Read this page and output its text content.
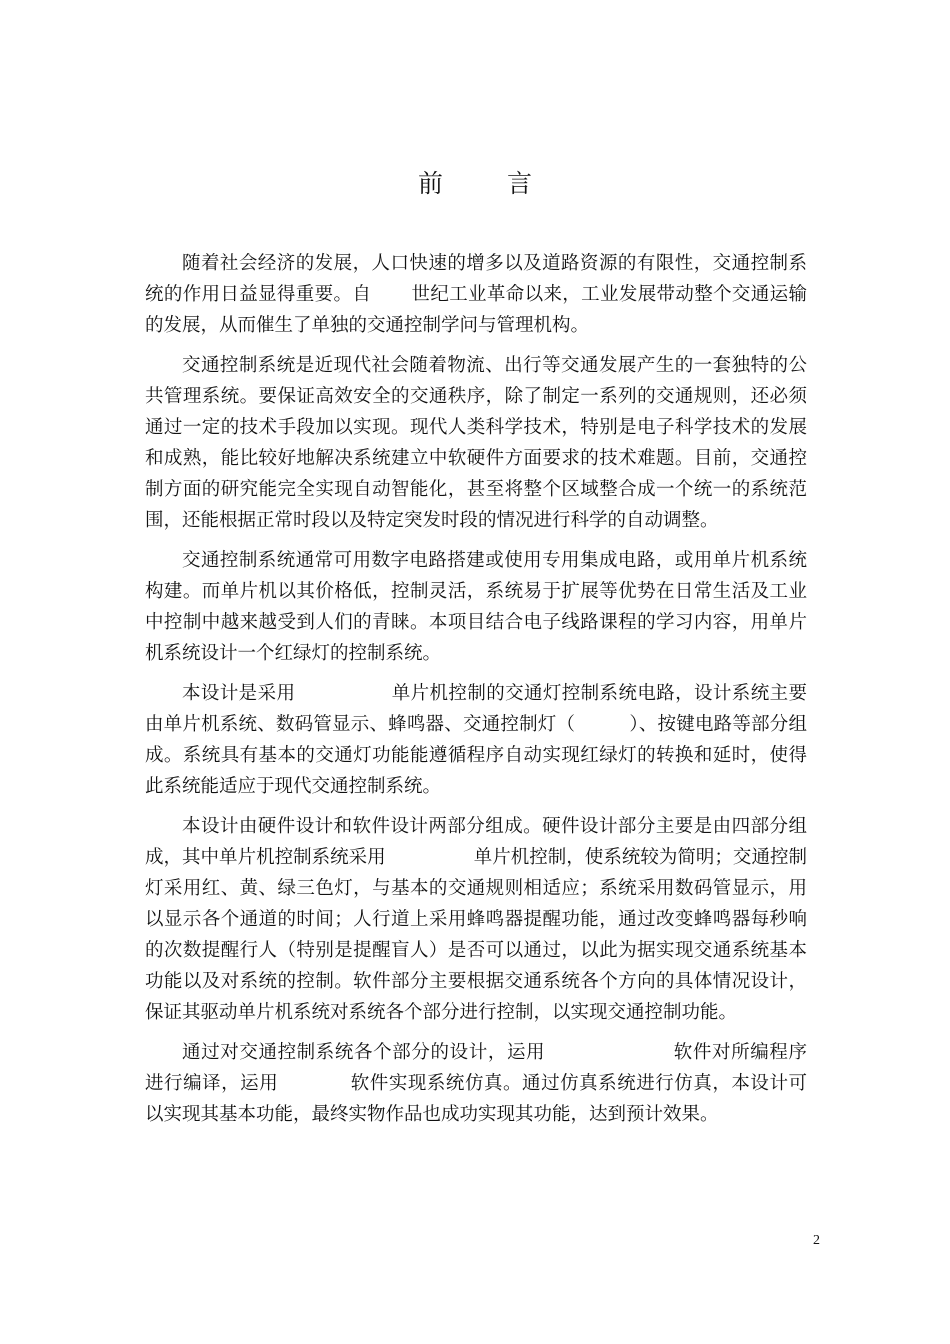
前 言

随着社会经济的发展，人口快速的增多以及道路资源的有限性，交通控制系统的作用日益显得重要。自 世纪工业革命以来，工业发展带动整个交通运输的发展，从而催生了单独的交通控制学问与管理机构。

交通控制系统是近现代社会随着物流、出行等交通发展产生的一套独特的公共管理系统。要保证高效安全的交通秩序，除了制定一系列的交通规则，还必须通过一定的技术手段加以实现。现代人类科学技术，特别是电子科学技术的发展和成熟，能比较好地解决系统建立中软硬件方面要求的技术难题。目前，交通控制方面的研究能完全实现自动智能化，甚至将整个区域整合成一个统一的系统范围，还能根据正常时段以及特定突发时段的情况进行科学的自动调整。

交通控制系统通常可用数字电路搭建或使用专用集成电路，或用单片机系统构建。而单片机以其价格低，控制灵活，系统易于扩展等优势在日常生活及工业中控制中越来越受到人们的青睐。本项目结合电子线路课程的学习内容，用单片机系统设计一个红绿灯的控制系统。

本设计是采用	单片机控制的交通灯控制系统电路，设计系统主要由单片机系统、数码管显示、蜂鸣器、交通控制灯（	）、按键电路等部分组成。系统具有基本的交通灯功能能遵循程序自动实现红绿灯的转换和延时，使得此系统能适应于现代交通控制系统。

本设计由硬件设计和软件设计两部分组成。硬件设计部分主要是由四部分组成，其中单片机控制系统采用	单片机控制，使系统较为简明；交通控制灯采用红、黄、绿三色灯，与基本的交通规则相适应；系统采用数码管显示，用以显示各个通道的时间；人行道上采用蜂鸣器提醒功能，通过改变蜂鸣器每秒响的次数提醒行人（特别是提醒盲人）是否可以通过，以此为据实现交通系统基本功能以及对系统的控制。软件部分主要根据交通系统各个方向的具体情况设计，保证其驱动单片机系统对系统各个部分进行控制，以实现交通控制功能。

通过对交通控制系统各个部分的设计，运用	软件对所编程序进行编译，运用	软件实现系统仿真。通过仿真系统进行仿真，本设计可以实现其基本功能，最终实物作品也成功实现其功能，达到预计效果。

2
